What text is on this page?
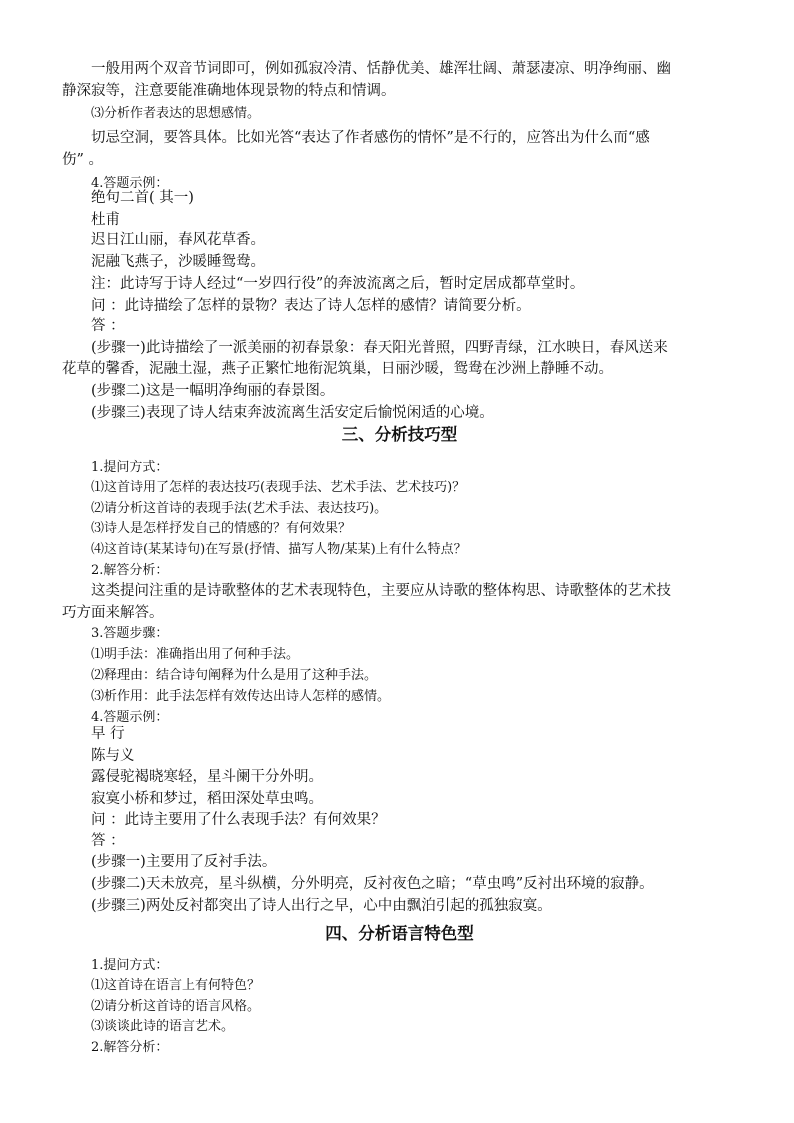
一般用两个双音节词即可，例如孤寂冷清、恬静优美、雄浑壮阔、萧瑟凄凉、明净绚丽、幽
静深寂等，注意要能准确地体现景物的特点和情调。
⑶分析作者表达的思想感情。
切忌空洞，要答具体。比如光答“表达了作者感伤的情怀”是不行的，应答出为什么而“感
伤” 。
4.答题示例：
绝句二首( 其一)
杜甫
迟日江山丽，春风花草香。
泥融飞燕子，沙暖睡鸳鸯。
注：此诗写于诗人经过“一岁四行役”的奔波流离之后，暂时定居成都草堂时。
问 ：此诗描绘了怎样的景物？表达了诗人怎样的感情？请简要分析。
答 ：
(步骤一)此诗描绘了一派美丽的初春景象：春天阳光普照，四野青绿，江水映日，春风送来
花草的馨香，泥融土湿，燕子正繁忙地衔泥筑巢，日丽沙暖，鸳鸯在沙洲上静睡不动。
(步骤二)这是一幅明净绚丽的春景图。
(步骤三)表现了诗人结束奔波流离生活安定后愉悦闲适的心境。
三、分析技巧型
1.提问方式：
⑴这首诗用了怎样的表达技巧(表现手法、艺术手法、艺术技巧)？
⑵请分析这首诗的表现手法(艺术手法、表达技巧)。
⑶诗人是怎样抒发自己的情感的？有何效果？
⑷这首诗(某某诗句)在写景(抒情、描写人物/某某)上有什么特点？
2.解答分析：
这类提问注重的是诗歌整体的艺术表现特色，主要应从诗歌的整体构思、诗歌整体的艺术技
巧方面来解答。
3.答题步骤：
⑴明手法：准确指出用了何种手法。
⑵释理由：结合诗句阐释为什么是用了这种手法。
⑶析作用：此手法怎样有效传达出诗人怎样的感情。
4.答题示例：
早 行
陈与义
露侵驼褐晓寒轻，星斗阑干分外明。
寂寞小桥和梦过，稻田深处草虫鸣。
问 ：此诗主要用了什么表现手法？有何效果？
答 ：
(步骤一)主要用了反衬手法。
(步骤二)天未放亮，星斗纵横，分外明亮，反衬夜色之暗；“草虫鸣”反衬出环境的寂静。
(步骤三)两处反衬都突出了诗人出行之早，心中由飘泊引起的孤独寂寞。
四、分析语言特色型
1.提问方式：
⑴这首诗在语言上有何特色？
⑵请分析这首诗的语言风格。
⑶谈谈此诗的语言艺术。
2.解答分析：
